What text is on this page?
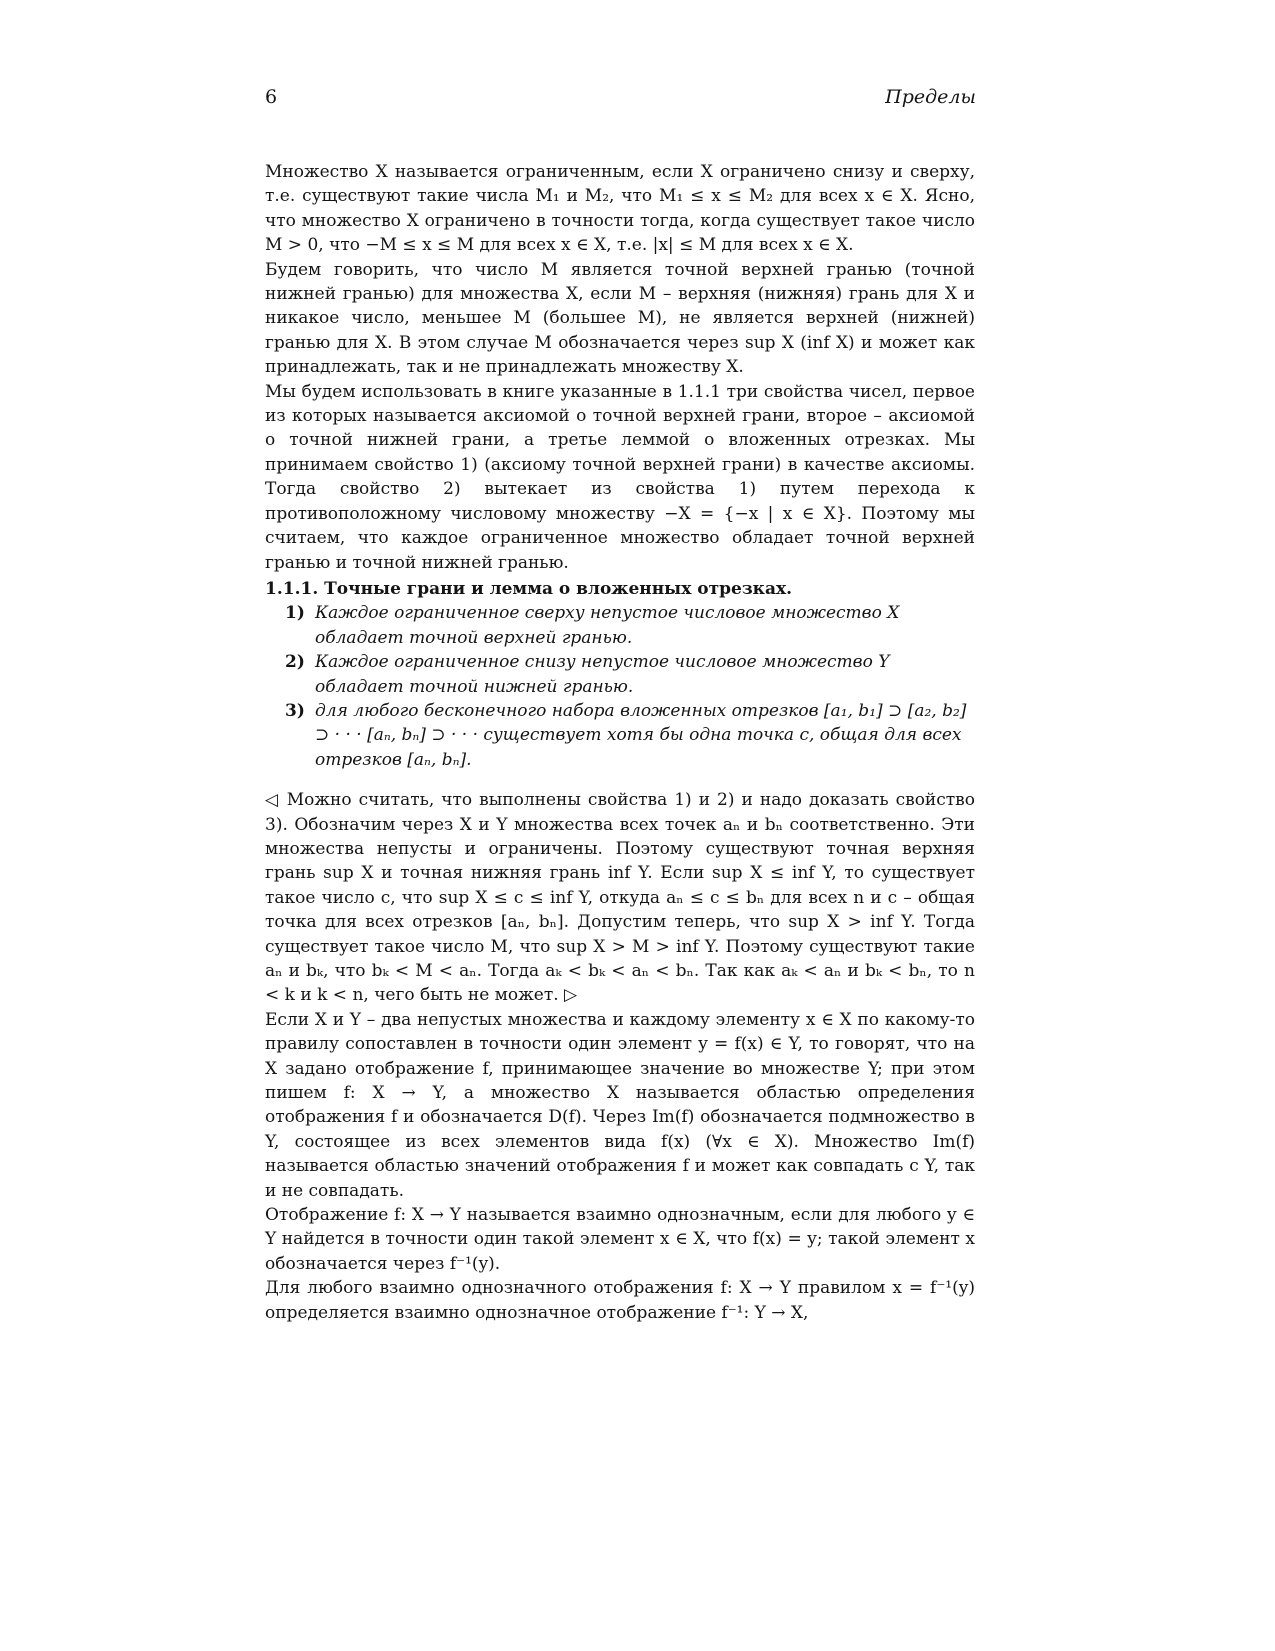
6	Пределы

Множество X называется ограниченным, если X ограничено снизу и сверху, т.е. существуют такие числа M₁ и M₂, что M₁ ≤ x ≤ M₂ для всех x ∈ X. Ясно, что множество X ограничено в точности тогда, когда существует такое число M > 0, что −M ≤ x ≤ M для всех x ∈ X, т.е. |x| ≤ M для всех x ∈ X.

Будем говорить, что число M является точной верхней гранью (точной нижней гранью) для множества X, если M – верхняя (нижняя) грань для X и никакое число, меньшее M (большее M), не является верхней (нижней) гранью для X. В этом случае M обозначается через sup X (inf X) и может как принадлежать, так и не принадлежать множеству X.

Мы будем использовать в книге указанные в 1.1.1 три свойства чисел, первое из которых называется аксиомой о точной верхней грани, второе – аксиомой о точной нижней грани, а третье леммой о вложенных отрезках. Мы принимаем свойство 1) (аксиому точной верхней грани) в качестве аксиомы. Тогда свойство 2) вытекает из свойства 1) путем перехода к противоположному числовому множеству −X = {−x | x ∈ X}. Поэтому мы считаем, что каждое ограниченное множество обладает точной верхней гранью и точной нижней гранью.

1.1.1. Точные грани и лемма о вложенных отрезках.
1) Каждое ограниченное сверху непустое числовое множество X обладает точной верхней гранью.
2) Каждое ограниченное снизу непустое числовое множество Y обладает точной нижней гранью.
3) для любого бесконечного набора вложенных отрезков [a₁, b₁] ⊃ [a₂, b₂] ⊃ · · · [aₙ, bₙ] ⊃ · · · существует хотя бы одна точка c, общая для всех отрезков [aₙ, bₙ].

◁ Можно считать, что выполнены свойства 1) и 2) и надо доказать свойство 3). Обозначим через X и Y множества всех точек aₙ и bₙ соответственно. Эти множества непусты и ограничены. Поэтому существуют точная верхняя грань sup X и точная нижняя грань inf Y. Если sup X ≤ inf Y, то существует такое число c, что sup X ≤ c ≤ inf Y, откуда aₙ ≤ c ≤ bₙ для всех n и c – общая точка для всех отрезков [aₙ, bₙ]. Допустим теперь, что sup X > inf Y. Тогда существует такое число M, что sup X > M > inf Y. Поэтому существуют такие aₙ и bₖ, что bₖ < M < aₙ. Тогда aₖ < bₖ < aₙ < bₙ. Так как aₖ < aₙ и bₖ < bₙ, то n < k и k < n, чего быть не может. ▷

Если X и Y – два непустых множества и каждому элементу x ∈ X по какому-то правилу сопоставлен в точности один элемент y = f(x) ∈ Y, то говорят, что на X задано отображение f, принимающее значение во множестве Y; при этом пишем f: X → Y, а множество X называется областью определения отображения f и обозначается D(f). Через Im(f) обозначается подмножество в Y, состоящее из всех элементов вида f(x) (∀x ∈ X). Множество Im(f) называется областью значений отображения f и может как совпадать с Y, так и не совпадать.

Отображение f: X → Y называется взаимно однозначным, если для любого y ∈ Y найдется в точности один такой элемент x ∈ X, что f(x) = y; такой элемент x обозначается через f⁻¹(y).

Для любого взаимно однозначного отображения f: X → Y правилом x = f⁻¹(y) определяется взаимно однозначное отображение f⁻¹: Y → X,
